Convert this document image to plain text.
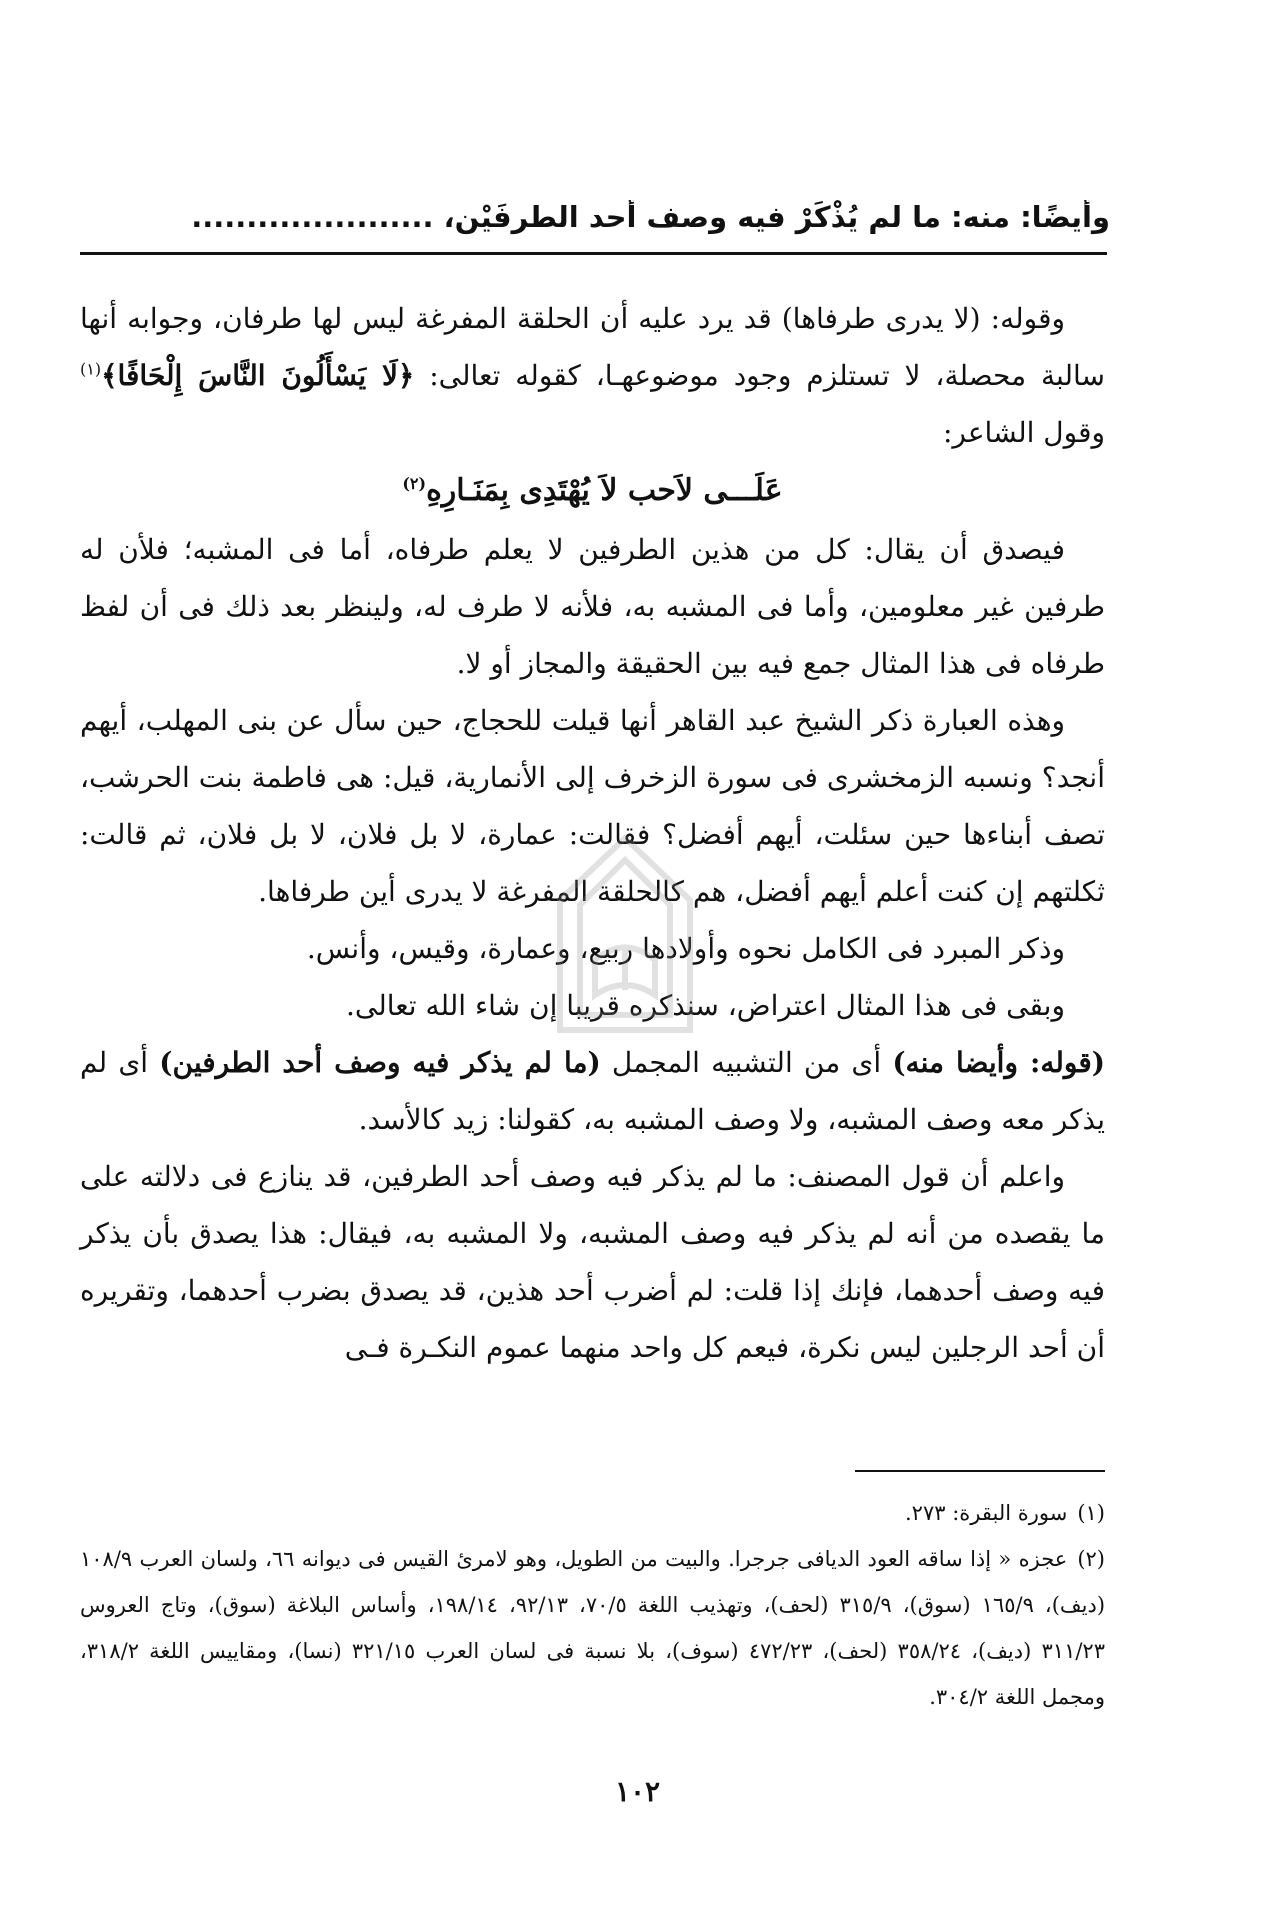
وأيضًا: منه: ما لم يُذْكَرْ فيه وصف أحد الطرفَيْن، ......................

وقوله: (لا يدرى طرفاها) قد يرد عليه أن الحلقة المفرغة ليس لها طرفان، وجوابه أنها سالبة محصلة، لا تستلزم وجود موضوعهـا، كقوله تعالى: ﴿لَا يَسْأَلُونَ النَّاسَ إِلْحَافًا﴾$^{(١)}$ وقول الشاعر:

عَلَـــى لاَحب لاَ يُهْتَدِى بِمَنَـارِهِ$^{(٢)}$

فيصدق أن يقال: كل من هذين الطرفين لا يعلم طرفاه، أما فى المشبه؛ فلأن له طرفين غير معلومين، وأما فى المشبه به، فلأنه لا طرف له، ولينظر بعد ذلك فى أن لفظ طرفاه فى هذا المثال جمع فيه بين الحقيقة والمجاز أو لا.

وهذه العبارة ذكر الشيخ عبد القاهر أنها قيلت للحجاج، حين سأل عن بنى المهلب، أيهم أنجد؟ ونسبه الزمخشرى فى سورة الزخرف إلى الأنمارية، قيل: هى فاطمة بنت الحرشب، تصف أبناءها حين سئلت، أيهم أفضل؟ فقالت: عمارة، لا بل فلان، لا بل فلان، ثم قالت: ثكلتهم إن كنت أعلم أيهم أفضل، هم كالحلقة المفرغة لا يدرى أين طرفاها.

وذكر المبرد فى الكامل نحوه وأولادها ربيع، وعمارة، وقيس، وأنس.

وبقى فى هذا المثال اعتراض، سنذكره قريبا إن شاء الله تعالى.

(قوله: وأيضا منه) أى من التشبيه المجمل (ما لم يذكر فيه وصف أحد الطرفين) أى لم يذكر معه وصف المشبه، ولا وصف المشبه به، كقولنا: زيد كالأسد.

واعلم أن قول المصنف: ما لم يذكر فيه وصف أحد الطرفين، قد ينازع فى دلالته على ما يقصده من أنه لم يذكر فيه وصف المشبه، ولا المشبه به، فيقال: هذا يصدق بأن يذكر فيه وصف أحدهما، فإنك إذا قلت: لم أضرب أحد هذين، قد يصدق بضرب أحدهما، وتقريره أن أحد الرجلين ليس نكرة، فيعم كل واحد منهما عموم النكـرة فـى

(١)سورة البقرة: ٢٧٣.

(٢)عجزه « إذا ساقه العود الديافى جرجرا. والبيت من الطويل، وهو لامرئ القيس فى ديوانه ٦٦، ولسان العرب ١٠٨/٩ (ديف)، ١٦٥/٩ (سوق)، ٣١٥/٩ (لحف)، وتهذيب اللغة ٧٠/٥، ٩٢/١٣، ١٩٨/١٤، وأساس البلاغة (سوق)، وتاج العروس ٣١١/٢٣ (ديف)، ٣٥٨/٢٤ (لحف)، ٤٧٢/٢٣ (سوف)، بلا نسبة فى لسان العرب ٣٢١/١٥ (نسا)، ومقاييس اللغة ٣١٨/٢، ومجمل اللغة ٣٠٤/٢.

١٠٢
